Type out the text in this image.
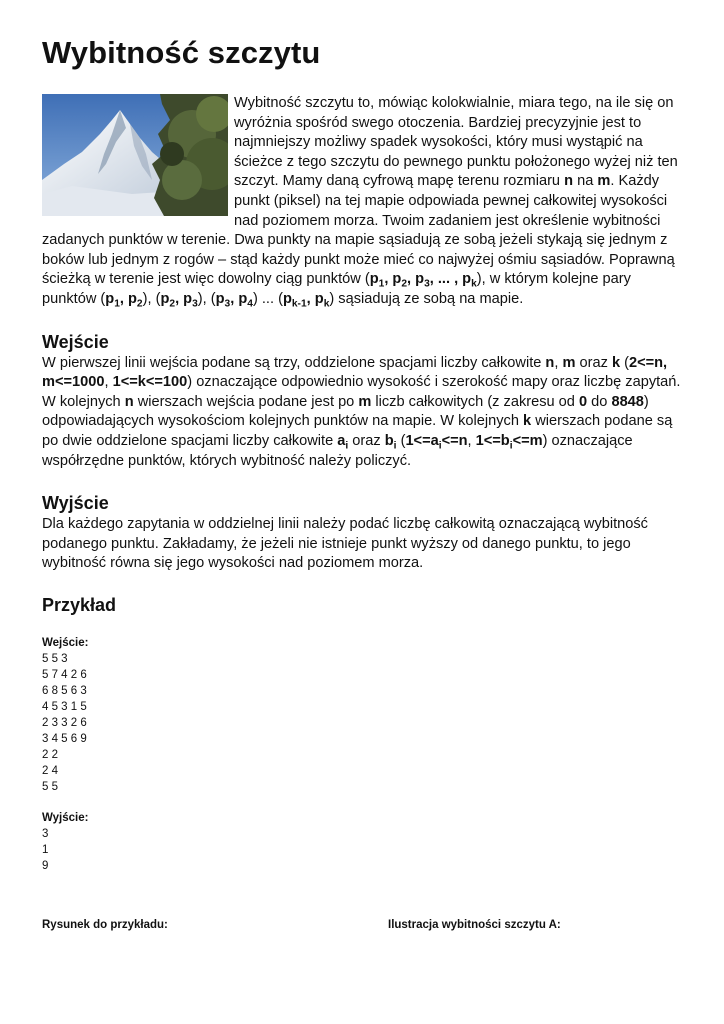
Wybitność szczytu

Wybitność szczytu to, mówiąc kolokwialnie, miara tego, na ile się on wyróżnia spośród swego otoczenia. Bardziej precyzyjnie jest to najmniejszy możliwy spadek wysokości, który musi wystąpić na ścieżce z tego szczytu do pewnego punktu położonego wyżej niż ten szczyt. Mamy daną cyfrową mapę terenu rozmiaru n na m. Każdy punkt (piksel) na tej mapie odpowiada pewnej całkowitej wysokości nad poziomem morza. Twoim zadaniem jest określenie wybitności zadanych punktów w terenie. Dwa punkty na mapie sąsiadują ze sobą jeżeli stykają się jednym z boków lub jednym z rogów – stąd każdy punkt może mieć co najwyżej ośmiu sąsiadów. Poprawną ścieżką w terenie jest więc dowolny ciąg punktów ($p_1$, $p_2$, $p_3$, ... , $p_k$), w którym kolejne pary punktów ($p_1$, $p_2$), ($p_2$, $p_3$), ($p_3$, $p_4$) ... ($p_{k-1}$, $p_k$) sąsiadują ze sobą na mapie.

Wejście

W pierwszej linii wejścia podane są trzy, oddzielone spacjami liczby całkowite n, m oraz k (2<=n, m<=1000, 1<=k<=100) oznaczające odpowiednio wysokość i szerokość mapy oraz liczbę zapytań. W kolejnych n wierszach wejścia podane jest po m liczb całkowitych (z zakresu od 0 do 8848) odpowiadających wysokościom kolejnych punktów na mapie. W kolejnych k wierszach podane są po dwie oddzielone spacjami liczby całkowite $a_i$ oraz $b_i$ ($1<=a_i<=n$, $1<=b_i<=m$) oznaczające współrzędne punktów, których wybitność należy policzyć.

Wyjście

Dla każdego zapytania w oddzielnej linii należy podać liczbę całkowitą oznaczającą wybitność podanego punktu. Zakładamy, że jeżeli nie istnieje punkt wyższy od danego punktu, to jego wybitność równa się jego wysokości nad poziomem morza.

Przykład
Wejście:
5 5 3
5 7 4 2 6
6 8 5 6 3
4 5 3 1 5
2 3 3 2 6
3 4 5 6 9
2 2
2 4
5 5
Wyjście:
3
1
9
Rysunek do przykładu:	Ilustracja wybitności szczytu A:
